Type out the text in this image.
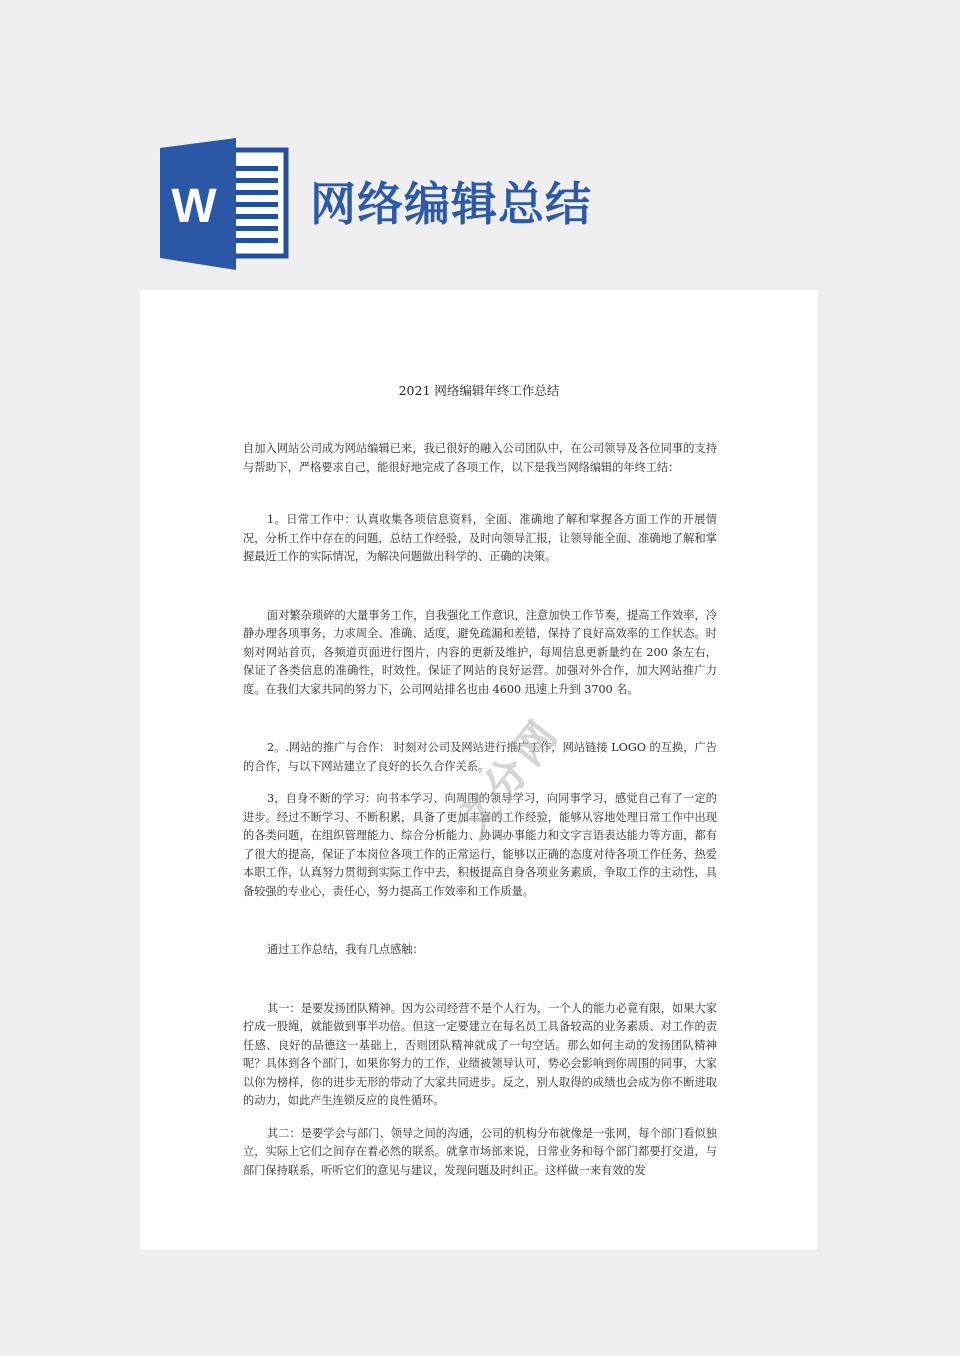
W 网络编辑总结
2021 网络编辑年终工作总结

自加入网站公司成为网站编辑已来，我已很好的融入公司团队中，在公司领导及各位同事的支持与帮助下，严格要求自己，能很好地完成了各项工作，以下是我当网络编辑的年终工结：

1。日常工作中：认真收集各项信息资料，全面、准确地了解和掌握各方面工作的开展情况，分析工作中存在的问题，总结工作经验，及时向领导汇报，让领导能全面、准确地了解和掌握最近工作的实际情况，为解决问题做出科学的、正确的决策。

面对繁杂琐碎的大量事务工作，自我强化工作意识，注意加快工作节奏，提高工作效率，冷静办理各项事务，力求周全、准确、适度，避免疏漏和差错，保持了良好高效率的工作状态。时刻对网站首页，各频道页面进行图片，内容的更新及维护，每周信息更新量约在 200 条左右，保证了各类信息的准确性，时效性。保证了网站的良好运营。加强对外合作，加大网站推广力度。在我们大家共同的努力下，公司网站排名也由 4600 迅速上升到 3700 名。

2。.网站的推广与合作： 时刻对公司及网站进行推广工作，网站链接 LOGO 的互换，广告的合作，与以下网站建立了良好的长久合作关系。

3，自身不断的学习：向书本学习、向周围的领导学习，向同事学习，感觉自己有了一定的进步。经过不断学习、不断积累，具备了更加丰富的工作经验，能够从容地处理日常工作中出现的各类问题，在组织管理能力、综合分析能力、协调办事能力和文字言语表达能力等方面，都有了很大的提高，保证了本岗位各项工作的正常运行，能够以正确的态度对待各项工作任务，热爱本职工作，认真努力贯彻到实际工作中去，积极提高自身各项业务素质，争取工作的主动性，具备较强的专业心，责任心，努力提高工作效率和工作质量。

通过工作总结，我有几点感触：

其一：是要发扬团队精神。因为公司经营不是个人行为，一个人的能力必竟有限，如果大家拧成一股绳，就能做到事半功倍。但这一定要建立在每名员工具备较高的业务素质、对工作的责任感、良好的品德这一基础上，否则团队精神就成了一句空话。那么如何主动的发扬团队精神呢？具体到各个部门，如果你努力的工作，业绩被领导认可，势必会影响到你周围的同事，大家以你为榜样，你的进步无形的带动了大家共同进步。反之，别人取得的成绩也会成为你不断进取的动力，如此产生连锁反应的良性循环。

其二：是要学会与部门、领导之间的沟通，公司的机构分布就像是一张网，每个部门看似独立，实际上它们之间存在着必然的联系。就拿市场部来说，日常业务和每个部门都要打交道，与部门保持联系，听听它们的意见与建议，发现问题及时纠正。这样做一来有效的发

文分网
